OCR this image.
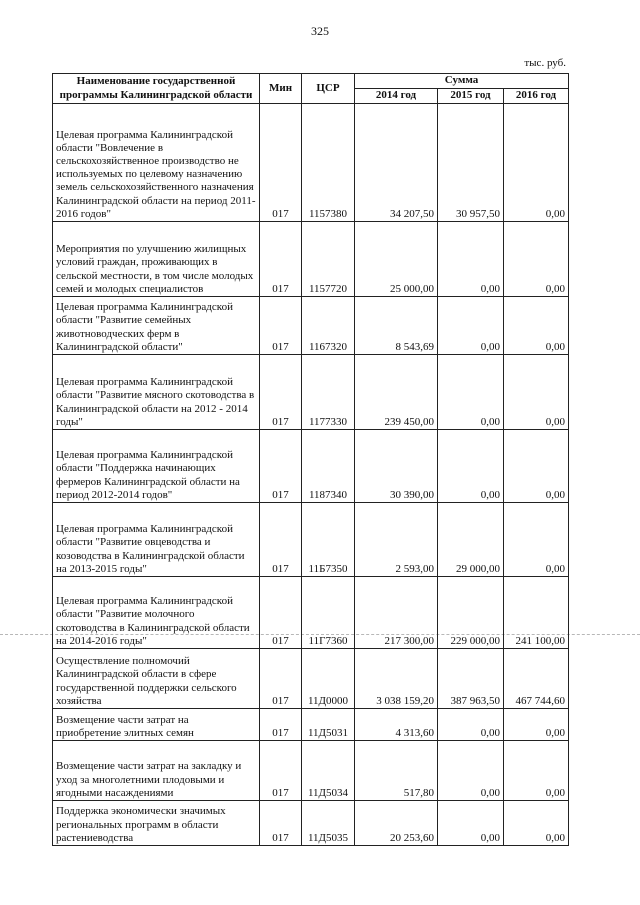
325
тыс. руб.
Наименование государственной программы Калининградской области	Мин	ЦСР	Сумма		
			2014 год	2015 год	2016 год
Целевая программа Калининградской области "Вовлечение в сельскохозяйственное производство не используемых по целевому назначению земель сельскохозяйственного назначения Калининградской области на период 2011-2016 годов"	017	1157380	34 207,50	30 957,50	0,00
Мероприятия по улучшению жилищных условий граждан, проживающих в сельской местности, в том числе молодых семей и молодых специалистов	017	1157720	25 000,00	0,00	0,00
Целевая программа Калининградской области "Развитие семейных животноводческих ферм в Калининградской области"	017	1167320	8 543,69	0,00	0,00
Целевая программа Калининградской области "Развитие мясного скотоводства в Калининградской области на 2012 - 2014 годы"	017	1177330	239 450,00	0,00	0,00
Целевая программа Калининградской области "Поддержка начинающих фермеров Калининградской области на период 2012-2014 годов"	017	1187340	30 390,00	0,00	0,00
Целевая программа Калининградской области "Развитие овцеводства и козоводства в Калининградской области на 2013-2015 годы"	017	11Б7350	2 593,00	29 000,00	0,00
Целевая программа Калининградской области "Развитие молочного скотоводства в Калининградской области на 2014-2016 годы"	017	11Г7360	217 300,00	229 000,00	241 100,00
Осуществление полномочий Калининградской области в сфере государственной поддержки сельского хозяйства	017	11Д0000	3 038 159,20	387 963,50	467 744,60
Возмещение части затрат на приобретение элитных семян	017	11Д5031	4 313,60	0,00	0,00
Возмещение части затрат на закладку и уход за многолетними плодовыми и ягодными насаждениями	017	11Д5034	517,80	0,00	0,00
Поддержка экономически значимых региональных программ в области растениеводства	017	11Д5035	20 253,60	0,00	0,00
